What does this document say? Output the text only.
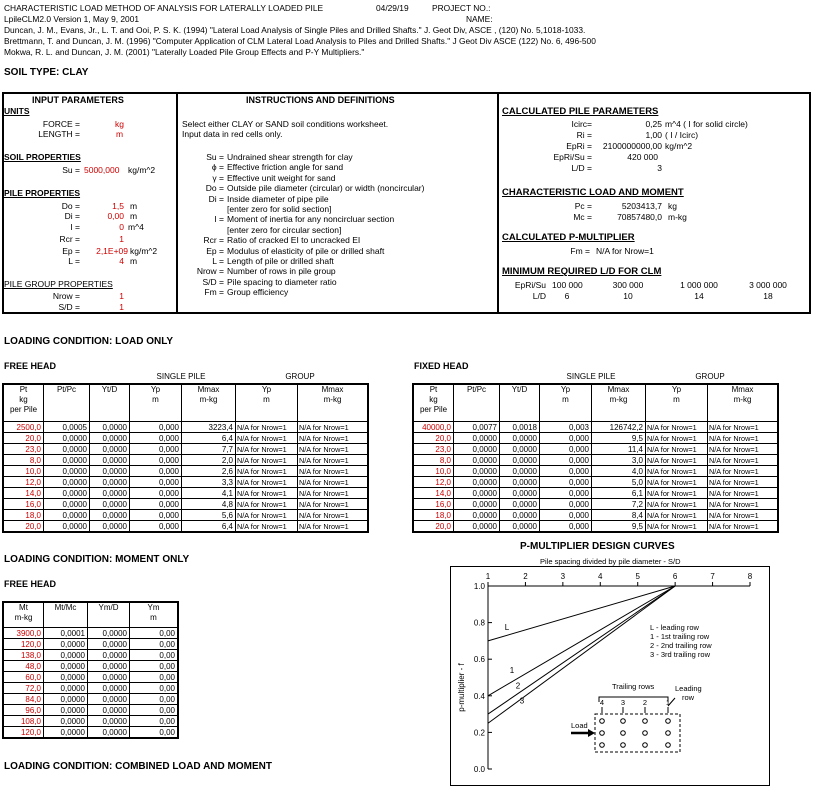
CHARACTERISTIC LOAD METHOD OF ANALYSIS FOR LATERALLY LOADED PILE	04/29/19	PROJECT NO.:
LpileCLM2.0 Version 1, May 9, 2001	NAME:
Duncan, J. M., Evans, Jr., L. T. and Ooi, P. S. K. (1994) "Lateral Load Analysis of Single Piles and Drilled Shafts." J. Geot Div, ASCE , (120) No. 5,1018-1033.
Brettmann, T. and Duncan, J. M. (1996) "Computer Application of CLM Lateral Load Analysis to Piles and Drilled Shafts." J Geot Div ASCE (122) No. 6, 496-500
Mokwa, R. L. and Duncan, J. M. (2001) "Laterally Loaded Pile Group Effects and P-Y Multipliers."
SOIL TYPE: CLAY
INPUT PARAMETERS
UNITS
FORCE =	kg
LENGTH =	m
SOIL PROPERTIES
Su = 5000,000 kg/m^2
PILE PROPERTIES
Do =	1,5 m
Di =	0,00 m
I =	0 m^4
Rcr =	1
Ep =	2,1E+09 kg/m^2
L =	4 m
PILE GROUP PROPERTIES
Nrow =	1
S/D =	1
INSTRUCTIONS AND DEFINITIONS
Select either CLAY or SAND soil conditions worksheet.
Input data in red cells only.
Su = Undrained shear strength for clay
ϕ = Effective friction angle for sand
γ = Effective unit weight for sand
Do = Outside pile diameter (circular) or width (noncircular)
Di = Inside diameter of pipe pile
[enter zero for solid section]
I = Moment of inertia for any noncircluar section
[enter zero for circular section]
Rcr = Ratio of cracked EI to uncracked EI
Ep = Modulus of elasticity of pile or drilled shaft
L = Length of pile or drilled shaft
Nrow = Number of rows in pile group
S/D = Pile spacing to diameter ratio
Fm = Group efficiency
CALCULATED PILE PARAMETERS
Icirc=	0,25 m^4 ( I for solid circle)
Ri =	1,00 ( I / Icirc)
EpRi =	2100000000,00 kg/m^2
EpRi/Su =	420 000
L/D =	3
CHARACTERISTIC LOAD AND MOMENT
Pc =	5203413,7 kg
Mc =	70857480,0 m-kg
CALCULATED P-MULTIPLIER
Fm = N/A for Nrow=1
MINIMUM REQUIRED L/D FOR CLM
EpRi/Su 100 000	300 000	1 000 000	3 000 000
L/D	6	10	14	18
LOADING CONDITION: LOAD ONLY
FREE HEAD	FIXED HEAD
SINGLE PILE	GROUP
Pt
kg
per Pile	Pt/Pc	Yt/D	Yp
m	Mmax
m-kg	Yp
m	Mmax
m-kg
2500,0	0,0005	0,0000	0,000	3223,4	N/A for Nrow=1	N/A for Nrow=1
20,0	0,0000	0,0000	0,000	6,4	N/A for Nrow=1	N/A for Nrow=1
23,0	0,0000	0,0000	0,000	7,7	N/A for Nrow=1	N/A for Nrow=1
8,0	0,0000	0,0000	0,000	2,0	N/A for Nrow=1	N/A for Nrow=1
10,0	0,0000	0,0000	0,000	2,6	N/A for Nrow=1	N/A for Nrow=1
12,0	0,0000	0,0000	0,000	3,3	N/A for Nrow=1	N/A for Nrow=1
14,0	0,0000	0,0000	0,000	4,1	N/A for Nrow=1	N/A for Nrow=1
16,0	0,0000	0,0000	0,000	4,8	N/A for Nrow=1	N/A for Nrow=1
18,0	0,0000	0,0000	0,000	5,6	N/A for Nrow=1	N/A for Nrow=1
20,0	0,0000	0,0000	0,000	6,4	N/A for Nrow=1	N/A for Nrow=1
SINGLE PILE	GROUP
Pt
kg
per Pile	Pt/Pc	Yt/D	Yp
m	Mmax
m-kg	Yp
m	Mmax
m-kg
40000,0	0,0077	0,0018	0,003	126742,2	N/A for Nrow=1	N/A for Nrow=1
20,0	0,0000	0,0000	0,000	9,5	N/A for Nrow=1	N/A for Nrow=1
23,0	0,0000	0,0000	0,000	11,4	N/A for Nrow=1	N/A for Nrow=1
8,0	0,0000	0,0000	0,000	3,0	N/A for Nrow=1	N/A for Nrow=1
10,0	0,0000	0,0000	0,000	4,0	N/A for Nrow=1	N/A for Nrow=1
12,0	0,0000	0,0000	0,000	5,0	N/A for Nrow=1	N/A for Nrow=1
14,0	0,0000	0,0000	0,000	6,1	N/A for Nrow=1	N/A for Nrow=1
16,0	0,0000	0,0000	0,000	7,2	N/A for Nrow=1	N/A for Nrow=1
18,0	0,0000	0,0000	0,000	8,4	N/A for Nrow=1	N/A for Nrow=1
20,0	0,0000	0,0000	0,000	9,5	N/A for Nrow=1	N/A for Nrow=1
LOADING CONDITION: MOMENT ONLY
FREE HEAD
Mt
m-kg	Mt/Mc	Ym/D	Ym
m
3900,0	0,0001	0,0000	0,00
120,0	0,0000	0,0000	0,00
138,0	0,0000	0,0000	0,00
48,0	0,0000	0,0000	0,00
60,0	0,0000	0,0000	0,00
72,0	0,0000	0,0000	0,00
84,0	0,0000	0,0000	0,00
96,0	0,0000	0,0000	0,00
108,0	0,0000	0,0000	0,00
120,0	0,0000	0,0000	0,00
LOADING CONDITION: COMBINED LOAD AND MOMENT
P-MULTIPLIER DESIGN CURVES
Pile spacing divided by pile diameter - S/D
1	2	3	4	5	6	7	8
1.0
0.8
0.6
0.4
0.2
0.0
p-multiplier - f
L
1
2
3
L - leading row
1 - 1st trailing row
2 - 2nd trailing row
3 - 3rd trailing row
Trailing rows	Leading
row
4 3 2	1
Load
